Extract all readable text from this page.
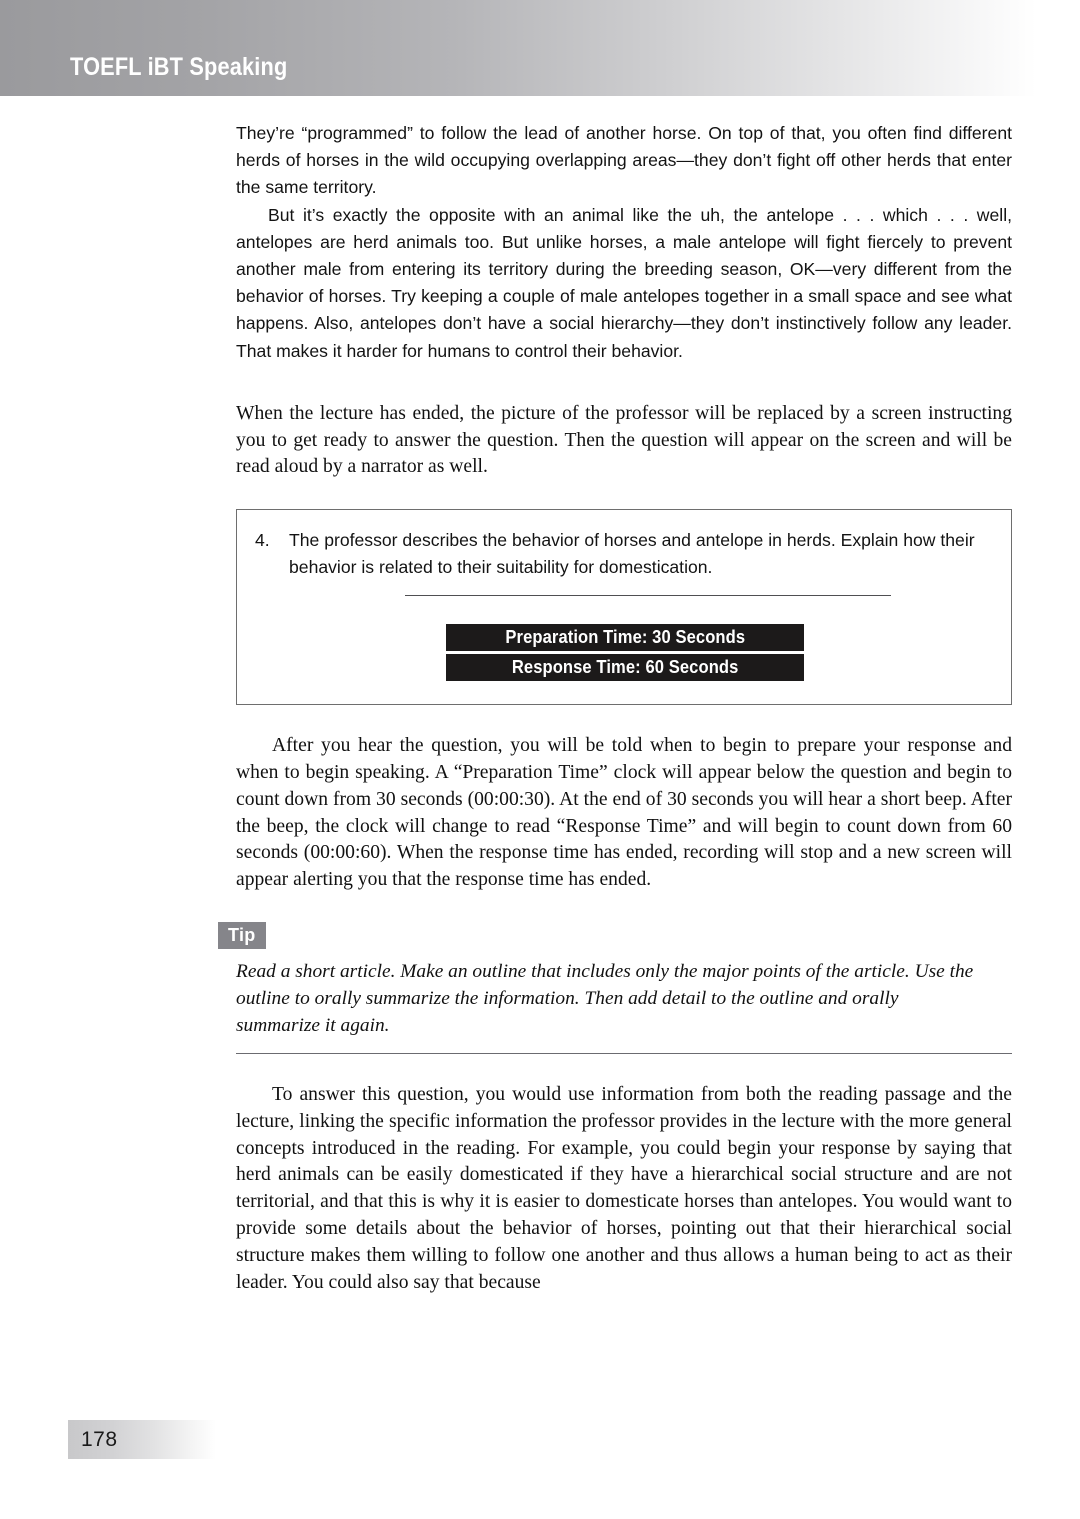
TOEFL iBT Speaking

They’re “programmed” to follow the lead of another horse. On top of that, you often find different herds of horses in the wild occupying overlapping areas—they don’t fight off other herds that enter the same territory.

But it’s exactly the opposite with an animal like the uh, the antelope . . . which . . . well, antelopes are herd animals too. But unlike horses, a male antelope will fight fiercely to prevent another male from entering its territory during the breeding season, OK—very different from the behavior of horses. Try keeping a couple of male antelopes together in a small space and see what happens. Also, antelopes don’t have a social hierarchy—they don’t instinctively follow any leader. That makes it harder for humans to control their behavior.

When the lecture has ended, the picture of the professor will be replaced by a screen instructing you to get ready to answer the question. Then the question will appear on the screen and will be read aloud by a narrator as well.

4.	The professor describes the behavior of horses and antelope in herds. Explain how their behavior is related to their suitability for domestication.
Preparation Time: 30 Seconds
Response Time: 60 Seconds

After you hear the question, you will be told when to begin to prepare your response and when to begin speaking. A “Preparation Time” clock will appear below the question and begin to count down from 30 seconds (00:00:30). At the end of 30 seconds you will hear a short beep. After the beep, the clock will change to read “Response Time” and will begin to count down from 60 seconds (00:00:60). When the response time has ended, recording will stop and a new screen will appear alerting you that the response time has ended.

Tip
Read a short article. Make an outline that includes only the major points of the article. Use the outline to orally summarize the information. Then add detail to the outline and orally summarize it again.

To answer this question, you would use information from both the reading passage and the lecture, linking the specific information the professor provides in the lecture with the more general concepts introduced in the reading. For example, you could begin your response by saying that herd animals can be easily domesticated if they have a hierarchical social structure and are not territorial, and that this is why it is easier to domesticate horses than antelopes. You would want to provide some details about the behavior of horses, pointing out that their hierarchical social structure makes them willing to follow one another and thus allows a human being to act as their leader. You could also say that because

178
